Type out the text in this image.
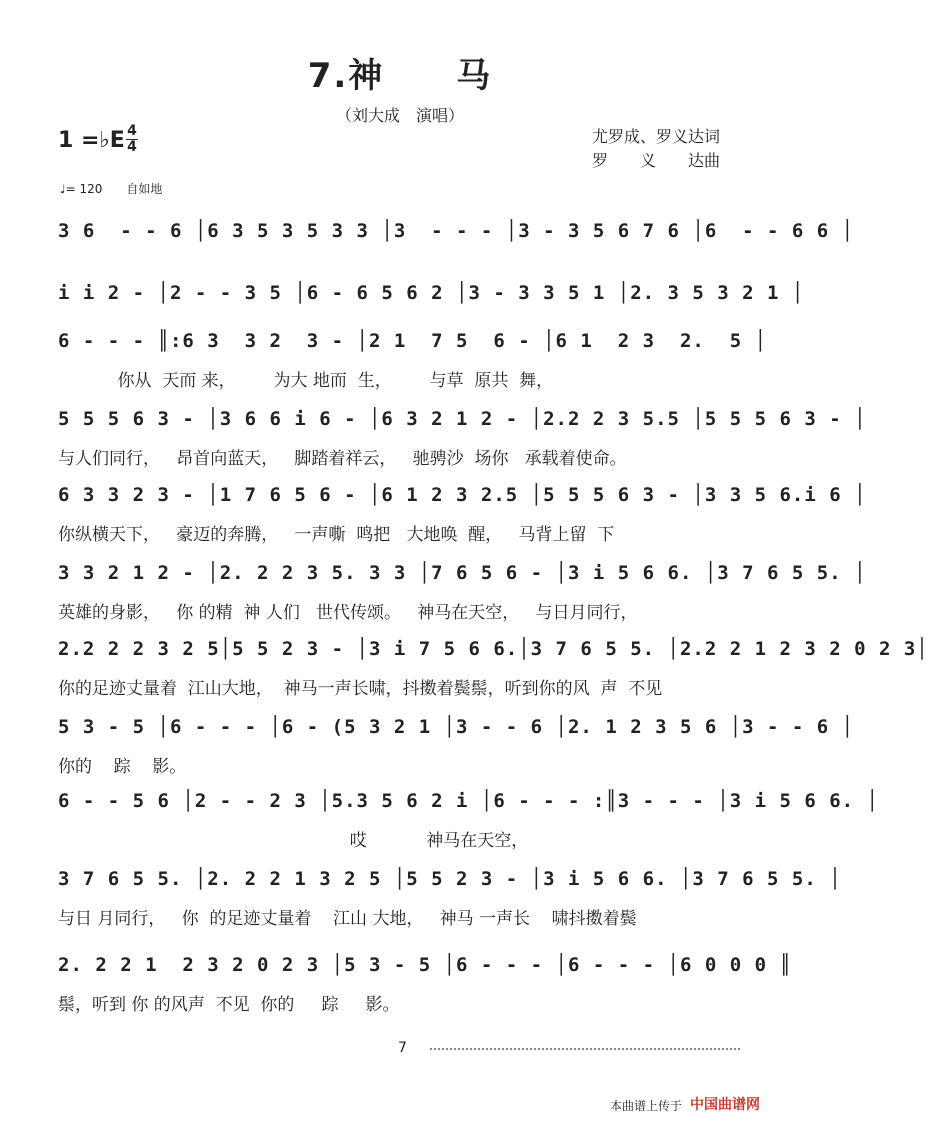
7.神　　马
（刘大成　演唱）
1 =♭E 4
4
尤罗成、罗义达词
罗　　义　　达曲
♩= 120　　自如地
3 6  - - 6 │6 3 5 3 5 3 3 │3  - - - │3 - 3 5 6 7 6 │6  - - 6 6 │
i i 2 - │2 - - 3 5 │6 - 6 5 6 2 │3 - 3 3 5 1 │2. 3 5 3 2 1 │
6 - - - ║:6 3  3 2  3 - │2 1  7 5  6 - │6 1  2 3  2.  5 │
你从  天而 来，       为大 地而  生，       与草  原共  舞，
5 5 5 6 3 - │3 6 6 i 6 - │6 3 2 1 2 - │2.2 2 3 5.5 │5 5 5 6 3 - │
与人们同行，   昂首向蓝天，   脚踏着祥云，   驰骋沙  场你   承载着使命。
6 3 3 2 3 - │1 7 6 5 6 - │6 1 2 3 2.5 │5 5 5 6 3 - │3 3 5 6.i 6 │
你纵横天下，   豪迈的奔腾，   一声嘶  鸣把   大地唤  醒，   马背上留  下
3 3 2 1 2 - │2. 2 2 3 5. 3 3 │7 6 5 6 - │3 i 5 6 6. │3 7 6 5 5. │
英雄的身影，   你 的精  神 人们   世代传颂。   神马在天空，   与日月同行，
2.2 2 2 3 2 5│5 5 2 3 - │3 i 7 5 6 6.│3 7 6 5 5. │2.2 2 1 2 3 2 0 2 3│
你的足迹丈量着  江山大地，  神马一声长啸，抖擞着鬓鬃，听到你的风  声  不见
5 3 - 5 │6 - - - │6 - (5 3 2 1 │3 - - 6 │2. 1 2 3 5 6 │3 - - 6 │
你的    踪    影。
6 - - 5 6 │2 - - 2 3 │5.3 5 6 2 i │6 - - - :║3 - - - │3 i 5 6 6. │
哎           神马在天空，
3 7 6 5 5. │2. 2 2 1 3 2 5 │5 5 2 3 - │3 i 5 6 6. │3 7 6 5 5. │
与日 月同行，   你  的足迹丈量着    江山 大地，   神马 一声长    啸抖擞着鬓
2. 2 2 1  2 3 2 0 2 3 │5 3 - 5 │6 - - - │6 - - - │6 0 0 0 ║
鬃，听到 你 的风声  不见  你的     踪     影。
7
本曲谱上传于 中国曲谱网
